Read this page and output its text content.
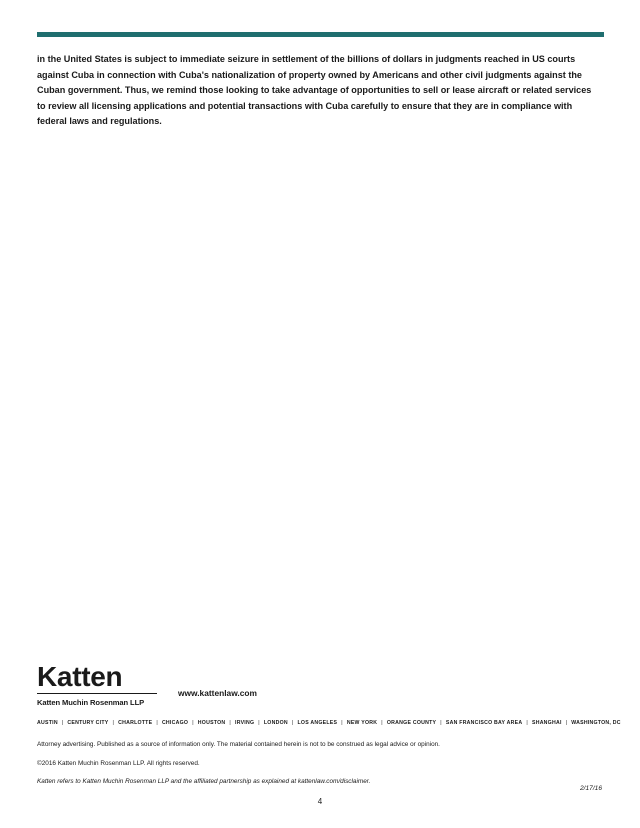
in the United States is subject to immediate seizure in settlement of the billions of dollars in judgments reached in US courts against Cuba in connection with Cuba's nationalization of property owned by Americans and other civil judgments against the Cuban government. Thus, we remind those looking to take advantage of opportunities to sell or lease aircraft or related services to review all licensing applications and potential transactions with Cuba carefully to ensure that they are in compliance with federal laws and regulations.

Katten
Katten Muchin Rosenman LLP
www.kattenlaw.com
AUSTIN | CENTURY CITY | CHARLOTTE | CHICAGO | HOUSTON | IRVING | LONDON | LOS ANGELES | NEW YORK | ORANGE COUNTY | SAN FRANCISCO BAY AREA | SHANGHAI | WASHINGTON, DC
Attorney advertising. Published as a source of information only. The material contained herein is not to be construed as legal advice or opinion.
©2016 Katten Muchin Rosenman LLP. All rights reserved.
Katten refers to Katten Muchin Rosenman LLP and the affiliated partnership as explained at kattenlaw.com/disclaimer.
2/17/16
4
